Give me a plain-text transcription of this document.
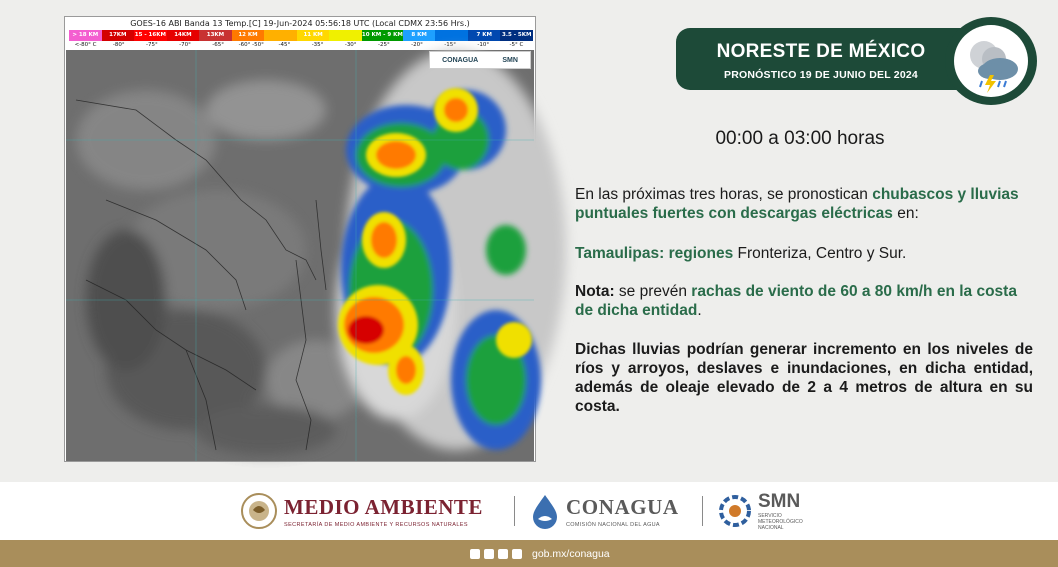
GOES-16 ABI Banda 13 Temp.[C] 19-Jun-2024 05:56:18 UTC (Local CDMX 23:56 Hrs.)
> 18 KM	17KM	15 - 16KM	14KM	13KM	12 KM	11 KM	10 KM - 9 KM	8 KM	7 KM	3.5 - 5KM
<-80° C	-80°	-75°	-70°	-65°	-60° -50°	-45°	-35°	-30°	-25°	-20°	-15°	-10°	-5° C
CONAGUA	SMN	NORESTE DE MÉXICO
PRONÓSTICO 19 DE JUNIO DEL 2024
00:00 a 03:00 horas
En las próximas tres horas, se pronostican chubascos y lluvias puntuales fuertes con descargas eléctricas en:
Tamaulipas: regiones Fronteriza, Centro y Sur.
Nota: se prevén rachas de viento de 60 a 80 km/h en la costa de dicha entidad.
Dichas lluvias podrían generar incremento en los niveles de ríos y arroyos, deslaves e inundaciones, en dicha entidad, además de oleaje elevado de 2 a 4 metros de altura en su costa.
MEDIO AMBIENTE
SECRETARÍA DE MEDIO AMBIENTE Y RECURSOS NATURALES
CONAGUA
COMISIÓN NACIONAL DEL AGUA
SMN
SERVICIO
METEOROLÓGICO
NACIONAL
gob.mx/conagua
